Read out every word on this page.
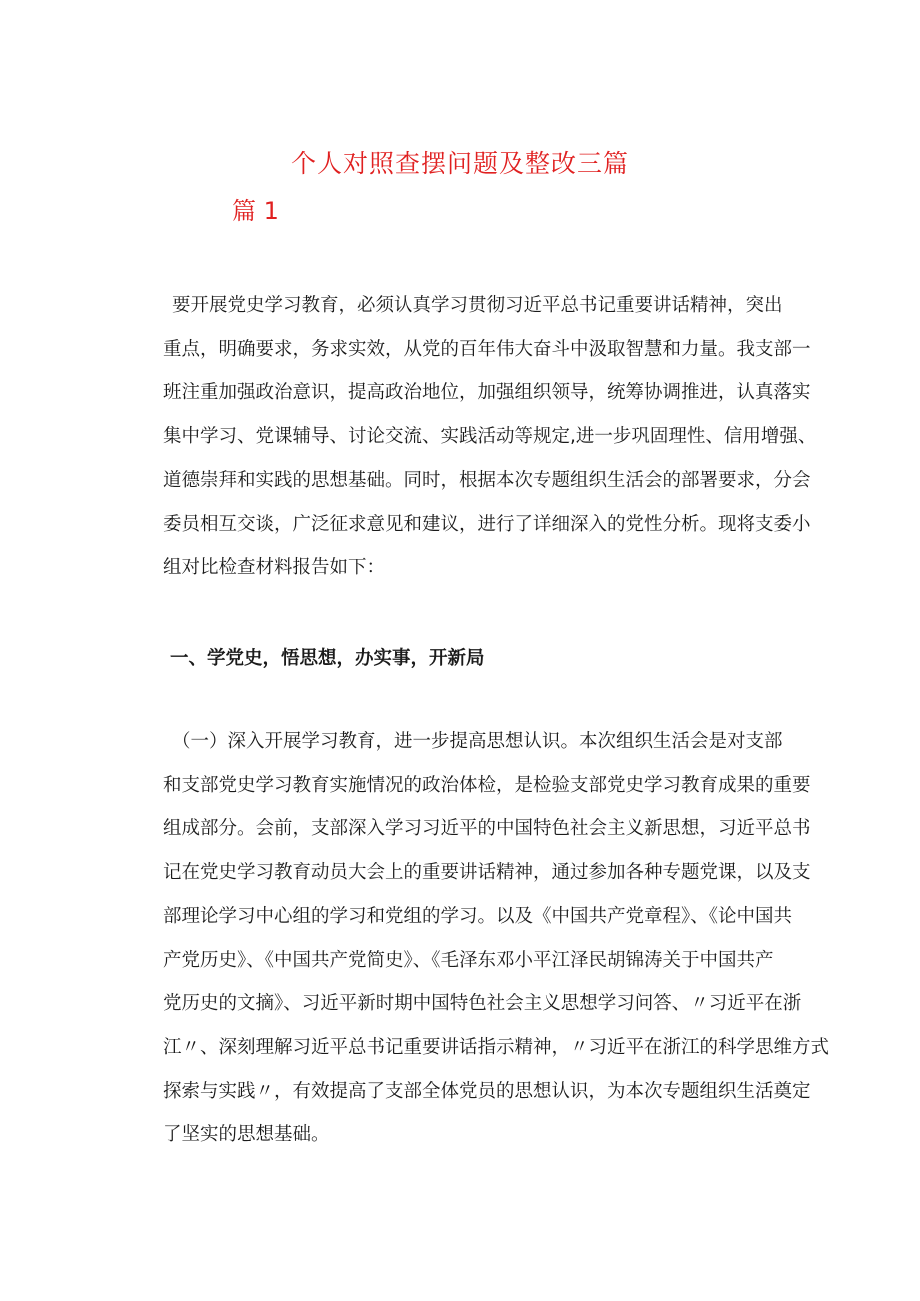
个人对照查摆问题及整改三篇
篇 1
要开展党史学习教育，必须认真学习贯彻习近平总书记重要讲话精神，突出
重点，明确要求，务求实效，从党的百年伟大奋斗中汲取智慧和力量。我支部一
班注重加强政治意识，提高政治地位，加强组织领导，统筹协调推进，认真落实
集中学习、党课辅导、讨论交流、实践活动等规定,进一步巩固理性、信用增强、
道德崇拜和实践的思想基础。同时，根据本次专题组织生活会的部署要求，分会
委员相互交谈，广泛征求意见和建议，进行了详细深入的党性分析。现将支委小
组对比检查材料报告如下：
一、学党史，悟思想，办实事，开新局
（一）深入开展学习教育，进一步提高思想认识。本次组织生活会是对支部
和支部党史学习教育实施情况的政治体检，是检验支部党史学习教育成果的重要
组成部分。会前，支部深入学习习近平的中国特色社会主义新思想，习近平总书
记在党史学习教育动员大会上的重要讲话精神，通过参加各种专题党课，以及支
部理论学习中心组的学习和党组的学习。以及《中国共产党章程》、《论中国共
产党历史》、《中国共产党简史》、《毛泽东邓小平江泽民胡锦涛关于中国共产
党历史的文摘》、习近平新时期中国特色社会主义思想学习问答、〃习近平在浙
江〃、深刻理解习近平总书记重要讲话指示精神，〃习近平在浙江的科学思维方式
探索与实践〃，有效提高了支部全体党员的思想认识，为本次专题组织生活奠定
了坚实的思想基础。
